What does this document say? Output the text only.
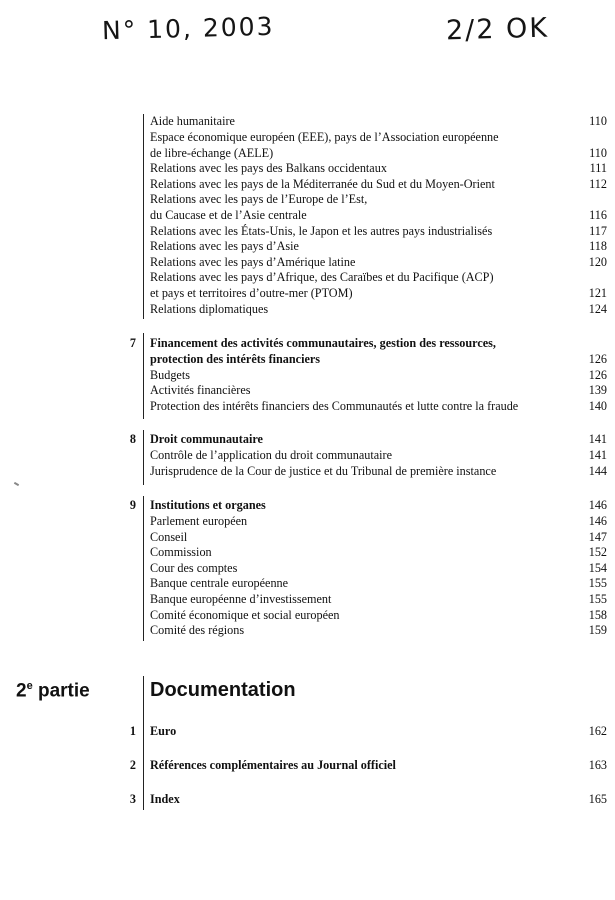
N° 10, 2003	2/2 OK
Aide humanitaire	110
Espace économique européen (EEE), pays de l’Association européenne
de libre-échange (AELE)	110
Relations avec les pays des Balkans occidentaux	111
Relations avec les pays de la Méditerranée du Sud et du Moyen-Orient	112
Relations avec les pays de l’Europe de l’Est,
du Caucase et de l’Asie centrale	116
Relations avec les États-Unis, le Japon et les autres pays industrialisés	117
Relations avec les pays d’Asie	118
Relations avec les pays d’Amérique latine	120
Relations avec les pays d’Afrique, des Caraïbes et du Pacifique (ACP)
et pays et territoires d’outre-mer (PTOM)	121
Relations diplomatiques	124
7 Financement des activités communautaires, gestion des ressources,
protection des intérêts financiers	126
Budgets	126
Activités financières	139
Protection des intérêts financiers des Communautés et lutte contre la fraude	140
8 Droit communautaire	141
Contrôle de l’application du droit communautaire	141
Jurisprudence de la Cour de justice et du Tribunal de première instance	144
9 Institutions et organes	146
Parlement européen	146
Conseil	147
Commission	152
Cour des comptes	154
Banque centrale européenne	155
Banque européenne d’investissement	155
Comité économique et social européen	158
Comité des régions	159
2e partie	Documentation
1 Euro	162
2 Références complémentaires au Journal officiel	163
3 Index	165
